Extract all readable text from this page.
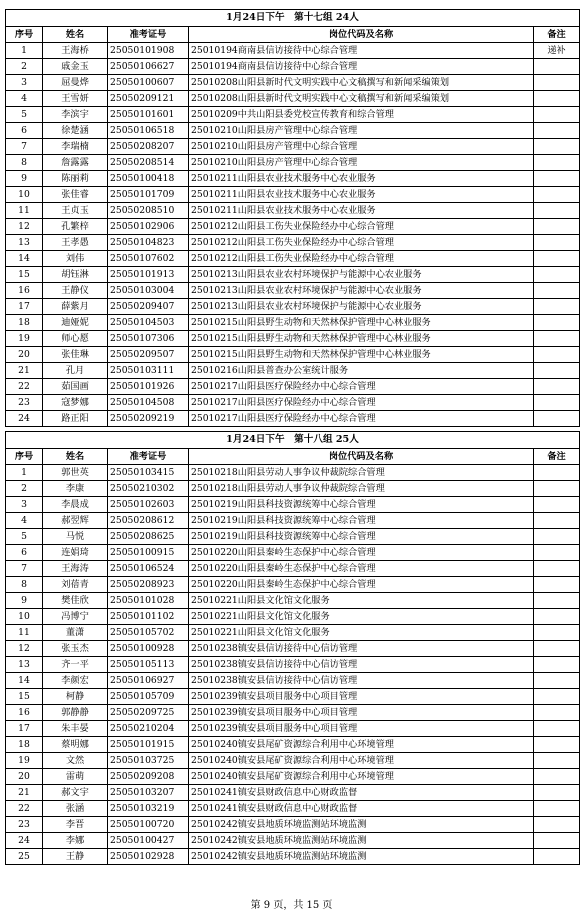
1月24日下午　第十七组 24人				
序号	姓名	准考证号	岗位代码及名称	备注
1	王海桥	25050101908	25010194商南县信访接待中心综合管理	递补
2	戚金玉	25050106627	25010194商南县信访接待中心综合管理	
3	屈曼烨	25050100607	25010208山阳县新时代文明实践中心文稿撰写和新闻采编策划	
4	王雪妍	25050209121	25010208山阳县新时代文明实践中心文稿撰写和新闻采编策划	
5	李滨宇	25050101601	25010209中共山阳县委党校宣传教育和综合管理	
6	徐楚涵	25050106518	25010210山阳县房产管理中心综合管理	
7	李瑞楠	25050208207	25010210山阳县房产管理中心综合管理	
8	詹露露	25050208514	25010210山阳县房产管理中心综合管理	
9	陈丽莉	25050100418	25010211山阳县农业技术服务中心农业服务	
10	张佳睿	25050101709	25010211山阳县农业技术服务中心农业服务	
11	王贞玉	25050208510	25010211山阳县农业技术服务中心农业服务	
12	孔繁梓	25050102906	25010212山阳县工伤失业保险经办中心综合管理	
13	王孝愚	25050104823	25010212山阳县工伤失业保险经办中心综合管理	
14	刘伟	25050107602	25010212山阳县工伤失业保险经办中心综合管理	
15	胡钰淋	25050101913	25010213山阳县农业农村环境保护与能源中心农业服务	
16	王静仪	25050103004	25010213山阳县农业农村环境保护与能源中心农业服务	
17	薛紫月	25050209407	25010213山阳县农业农村环境保护与能源中心农业服务	
18	迪娅妮	25050104503	25010215山阳县野生动物和天然林保护管理中心林业服务	
19	师心愿	25050107306	25010215山阳县野生动物和天然林保护管理中心林业服务	
20	张佳琳	25050209507	25010215山阳县野生动物和天然林保护管理中心林业服务	
21	孔月	25050103111	25010216山阳县普查办公室统计服务	
22	茹国画	25050101926	25010217山阳县医疗保险经办中心综合管理	
23	寇梦娜	25050104508	25010217山阳县医疗保险经办中心综合管理	
24	路正阳	25050209219	25010217山阳县医疗保险经办中心综合管理	
1月24日下午　第十八组 25人				
序号	姓名	准考证号	岗位代码及名称	备注
1	郭世英	25050103415	25010218山阳县劳动人事争议仲裁院综合管理	
2	李康	25050210302	25010218山阳县劳动人事争议仲裁院综合管理	
3	李晨成	25050102603	25010219山阳县科技资源统筹中心综合管理	
4	郝翌辉	25050208612	25010219山阳县科技资源统筹中心综合管理	
5	马悦	25050208625	25010219山阳县科技资源统筹中心综合管理	
6	连娟琦	25050100915	25010220山阳县秦岭生态保护中心综合管理	
7	王海涛	25050106524	25010220山阳县秦岭生态保护中心综合管理	
8	刘蓓青	25050208923	25010220山阳县秦岭生态保护中心综合管理	
9	樊佳欣	25050101028	25010221山阳县文化馆文化服务	
10	冯博宁	25050101102	25010221山阳县文化馆文化服务	
11	董潇	25050105702	25010221山阳县文化馆文化服务	
12	张玉杰	25050100928	25010238镇安县信访接待中心信访管理	
13	齐一平	25050105113	25010238镇安县信访接待中心信访管理	
14	李颜宏	25050106927	25010238镇安县信访接待中心信访管理	
15	柯静	25050105709	25010239镇安县项目服务中心项目管理	
16	郭静静	25050209725	25010239镇安县项目服务中心项目管理	
17	朱丰晏	25050210204	25010239镇安县项目服务中心项目管理	
18	蔡明娜	25050101915	25010240镇安县尾矿资源综合利用中心环境管理	
19	文然	25050103725	25010240镇安县尾矿资源综合利用中心环境管理	
20	雷萌	25050209208	25010240镇安县尾矿资源综合利用中心环境管理	
21	郝文宇	25050103207	25010241镇安县财政信息中心财政监督	
22	张涵	25050103219	25010241镇安县财政信息中心财政监督	
23	李晋	25050100720	25010242镇安县地质环境监测站环境监测	
24	李娜	25050100427	25010242镇安县地质环境监测站环境监测	
25	王静	25050102928	25010242镇安县地质环境监测站环境监测	
第 9 页，共 15 页
